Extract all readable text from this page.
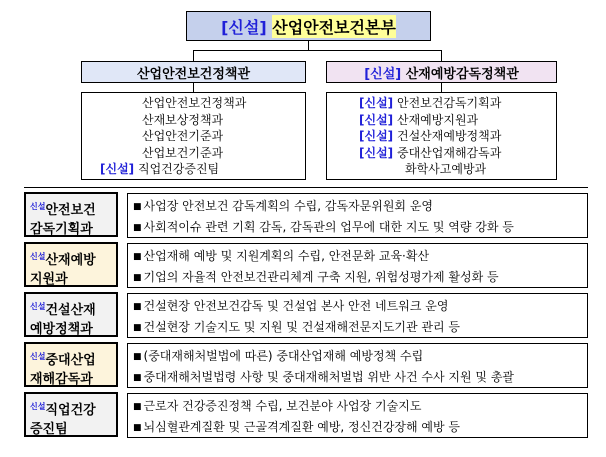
[신설]
산업안전보건본부
산업안전보건정책관	[신설]
산재예방감독정책관
산업안전보건정책과
산재보상정책과
산업안전기준과
산업보건기준과
[신설] 직업건강증진팀
[신설] 안전보건감독기획과
[신설] 산재예방지원과
[신설] 건설산재예방정책과
[신설] 중대산업재해감독과
화학사고예방과
$^{신설}$안전보건
감독기획과
■ 사업장 안전보건 감독계획의 수립, 감독자문위원회 운영
■ 사회적이슈 관련 기획 감독, 감독관의 업무에 대한 지도 및 역량 강화 등
$^{신설}$산재예방
지원과
■ 산업재해 예방 및 지원계획의 수립, 안전문화 교육·확산
■ 기업의 자율적 안전보건관리체계 구축 지원, 위험성평가제 활성화 등
$^{신설}$건설산재
예방정책과
■ 건설현장 안전보건감독 및 건설업 본사 안전 네트워크 운영
■ 건설현장 기술지도 및 지원 및 건설재해전문지도기관 관리 등
$^{신설}$중대산업
재해감독과
■ (중대재해처벌법에 따른) 중대산업재해 예방정책 수립
■ 중대재해처벌법령 사항 및 중대재해처벌법 위반 사건 수사 지원 및 총괄
$^{신설}$직업건강
증진팀
■ 근로자 건강증진정책 수립, 보건분야 사업장 기술지도
■ 뇌심혈관계질환 및 근골격계질환 예방, 정신건강장해 예방 등
